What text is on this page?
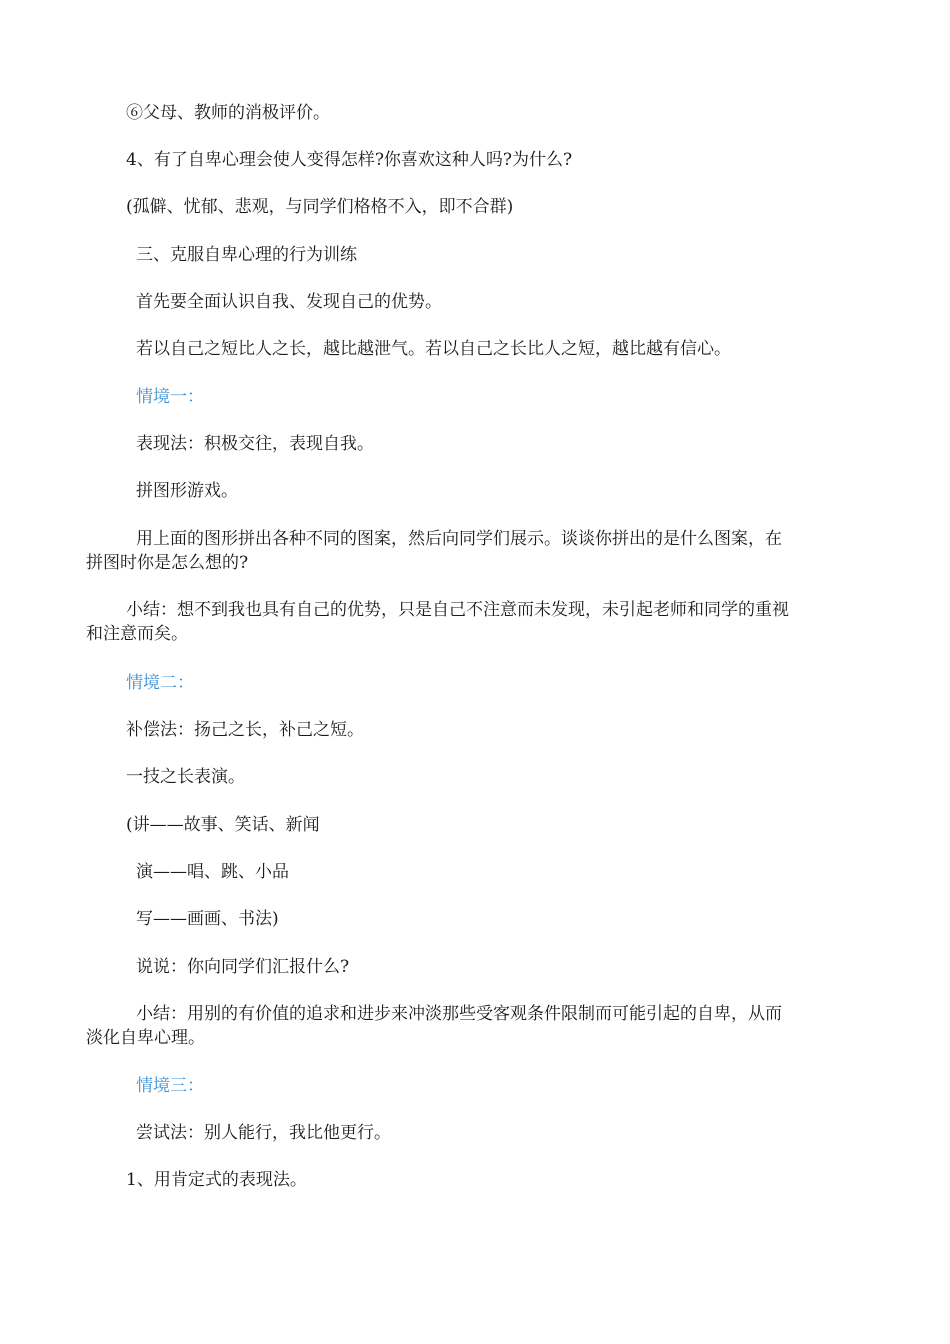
⑥父母、教师的消极评价。

4、有了自卑心理会使人变得怎样?你喜欢这种人吗?为什么?

(孤僻、忧郁、悲观，与同学们格格不入，即不合群)

三、克服自卑心理的行为训练

首先要全面认识自我、发现自己的优势。

若以自己之短比人之长，越比越泄气。若以自己之长比人之短，越比越有信心。

情境一：

表现法：积极交往，表现自我。

拼图形游戏。

用上面的图形拼出各种不同的图案，然后向同学们展示。谈谈你拼出的是什么图案，在

拼图时你是怎么想的?

小结：想不到我也具有自己的优势，只是自己不注意而未发现，未引起老师和同学的重视

和注意而矣。

情境二：

补偿法：扬己之长，补己之短。

一技之长表演。

(讲——故事、笑话、新闻

演——唱、跳、小品

写——画画、书法)

说说：你向同学们汇报什么?

小结：用别的有价值的追求和进步来冲淡那些受客观条件限制而可能引起的自卑，从而

淡化自卑心理。

情境三：

尝试法：别人能行，我比他更行。

1、用肯定式的表现法。
